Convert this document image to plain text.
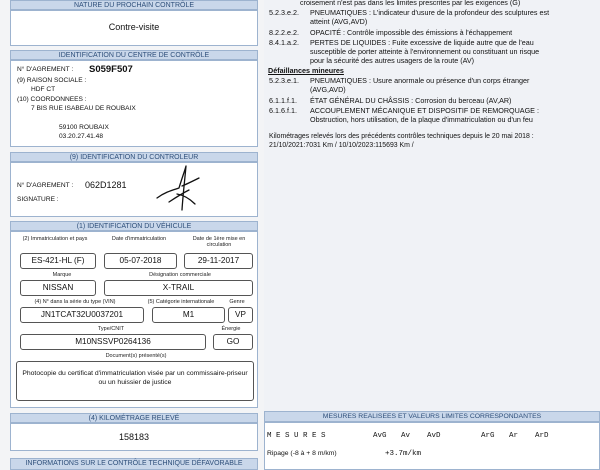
NATURE DU PROCHAIN CONTRÔLE
Contre-visite
IDENTIFICATION DU CENTRE DE CONTRÔLE
N° D'AGREMENT : S059F507
(9) RAISON SOCIALE :
HDF CT
(10) COORDONNEES :
7 BIS RUE ISABEAU DE ROUBAIX
59100 ROUBAIX
03.20.27.41.48
(9) IDENTIFICATION DU CONTROLEUR
N° D'AGREMENT : 062D1281
SIGNATURE :
(1) IDENTIFICATION DU VÉHICULE
(2) Immatriculation et pays	Date d'immatriculation	Date de 1ère mise en circulation
ES-421-HL (F)	05-07-2018	29-11-2017
Marque	Désignation commerciale
NISSAN	X-TRAIL
(4) N° dans la série du type (VIN)	(5) Catégorie internationale	Genre
JN1TCAT32U0037201	M1	VP
Type/CNIT	Énergie
M10NSSVP0264136	GO
Document(s) présenté(s)
Photocopie du certificat d'immatriculation visée par un commissaire-priseur ou un huissier de justice
(4) KILOMÉTRAGE RELEVÉ
158183
INFORMATIONS SUR LE CONTRÔLE TECHNIQUE DÉFAVORABLE
croisement n'est pas dans les limites prescrites par les exigences (G)
5.2.3.e.2. PNEUMATIQUES : L'indicateur d'usure de la profondeur des sculptures est
atteint (AVG,AVD)
8.2.2.e.2. OPACITÉ : Contrôle impossible des émissions à l'échappement
8.4.1.a.2. PERTES DE LIQUIDES : Fuite excessive de liquide autre que de l'eau
susceptible de porter atteinte à l'environnement ou constituant un risque
pour la sécurité des autres usagers de la route (AV)
Défaillances mineures
5.2.3.e.1. PNEUMATIQUES : Usure anormale ou présence d'un corps étranger
(AVG,AVD)
6.1.1.f.1. ÉTAT GÉNÉRAL DU CHÂSSIS : Corrosion du berceau (AV,AR)
6.1.6.f.1. ACCOUPLEMENT MÉCANIQUE ET DISPOSITIF DE REMORQUAGE :
Obstruction, hors utilisation, de la plaque d'immatriculation ou d'un feu
Kilométrages relevés lors des précédents contrôles techniques depuis le 20 mai 2018 :
21/10/2021:7031 Km / 10/10/2023:115693 Km /
MESURES REALISEES ET VALEURS LIMITES CORRESPONDANTES
M E S U R E S	AvG Av AvD	ArG Ar ArD
Ripage (-8 à + 8 m/km)	+3.7m/km
